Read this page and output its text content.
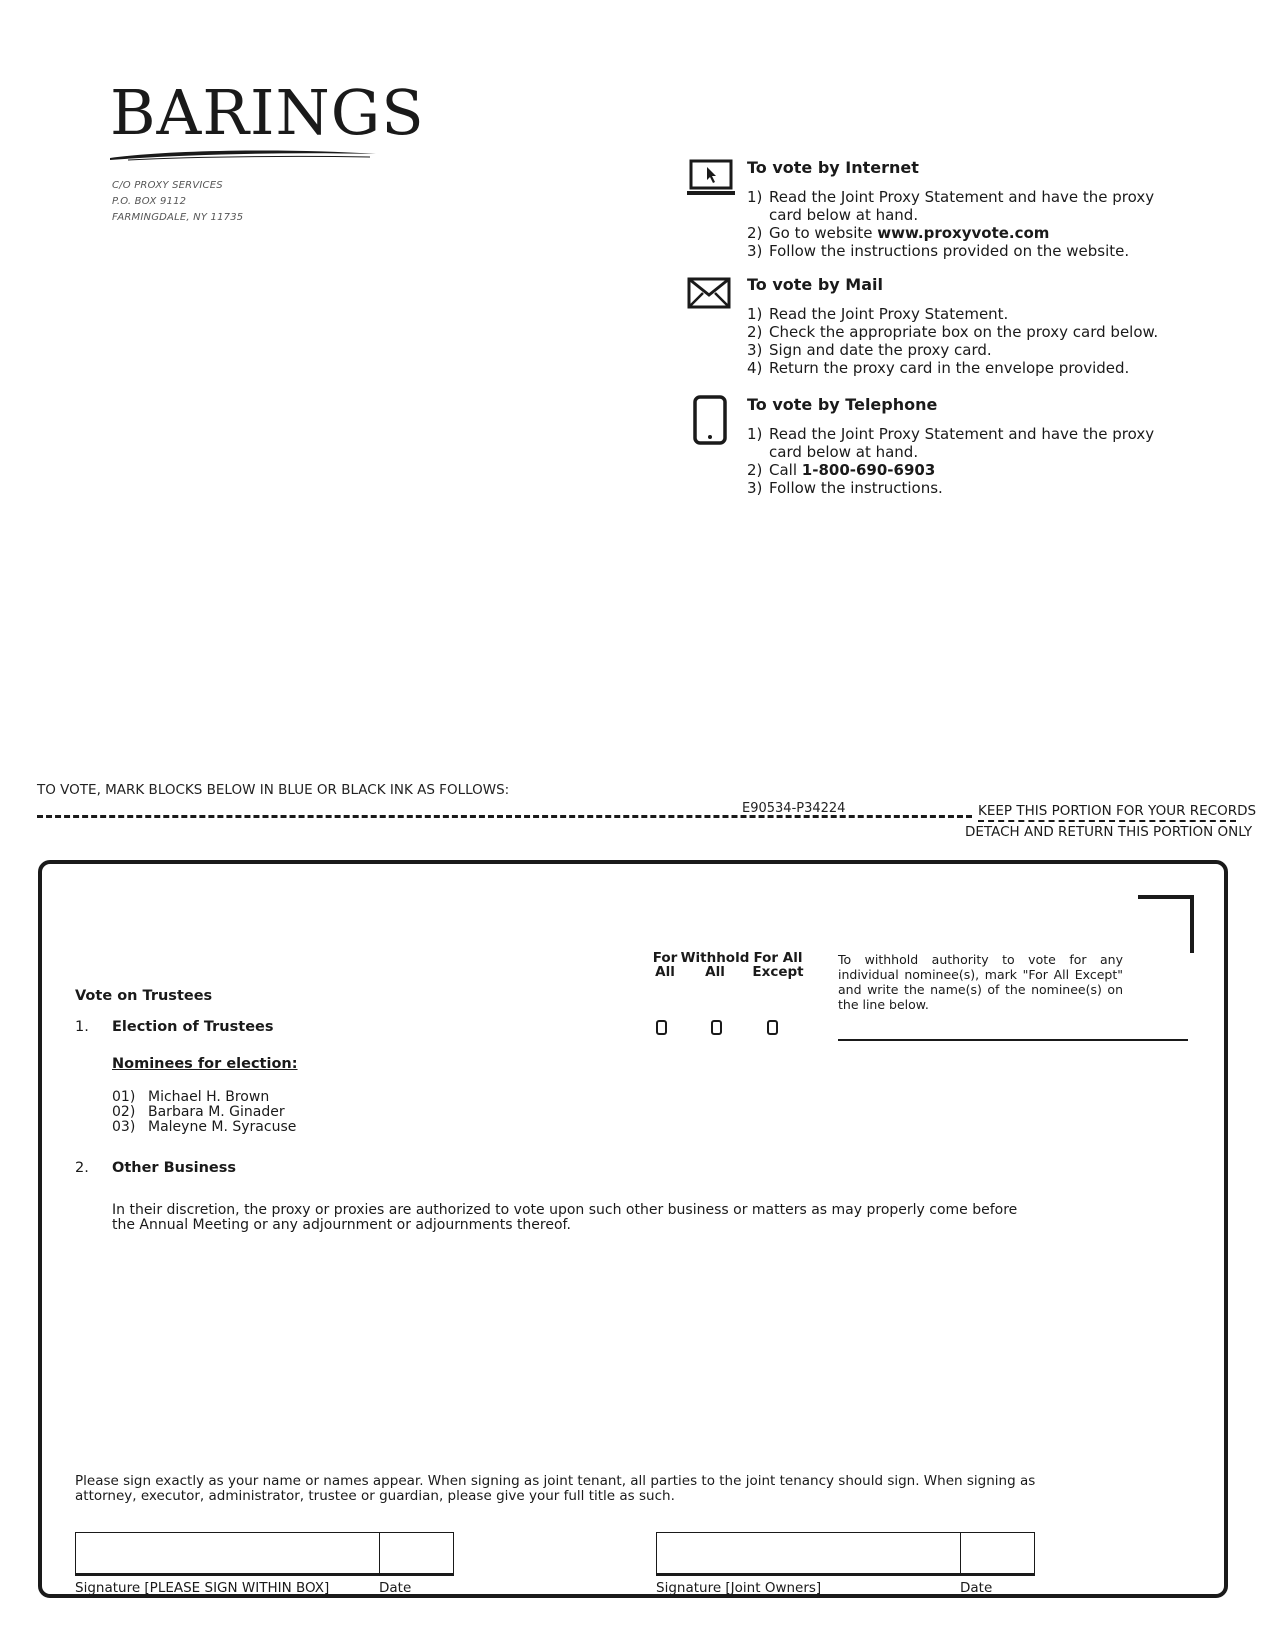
BARINGS
C/O PROXY SERVICES
P.O. BOX 9112
FARMINGDALE, NY 11735
To vote by Internet
1) Read the Joint Proxy Statement and have the proxy card below at hand.
2) Go to website www.proxyvote.com
3) Follow the instructions provided on the website.
To vote by Mail
1) Read the Joint Proxy Statement.
2) Check the appropriate box on the proxy card below.
3) Sign and date the proxy card.
4) Return the proxy card in the envelope provided.
To vote by Telephone
1) Read the Joint Proxy Statement and have the proxy card below at hand.
2) Call 1-800-690-6903
3) Follow the instructions.
TO VOTE, MARK BLOCKS BELOW IN BLUE OR BLACK INK AS FOLLOWS:
E90534-P34224	KEEP THIS PORTION FOR YOUR RECORDS
DETACH AND RETURN THIS PORTION ONLY
For
All
Withhold
All
For All
Except
To withhold authority to vote for any individual nominee(s), mark "For All Except" and write the name(s) of the nominee(s) on the line below.
Vote on Trustees
1. Election of Trustees
Nominees for election:
01) Michael H. Brown
02) Barbara M. Ginader
03) Maleyne M. Syracuse
2. Other Business
In their discretion, the proxy or proxies are authorized to vote upon such other business or matters as may properly come before the Annual Meeting or any adjournment or adjournments thereof.
Please sign exactly as your name or names appear. When signing as joint tenant, all parties to the joint tenancy should sign. When signing as attorney, executor, administrator, trustee or guardian, please give your full title as such.
Signature [PLEASE SIGN WITHIN BOX]	Date	Signature [Joint Owners]	Date
